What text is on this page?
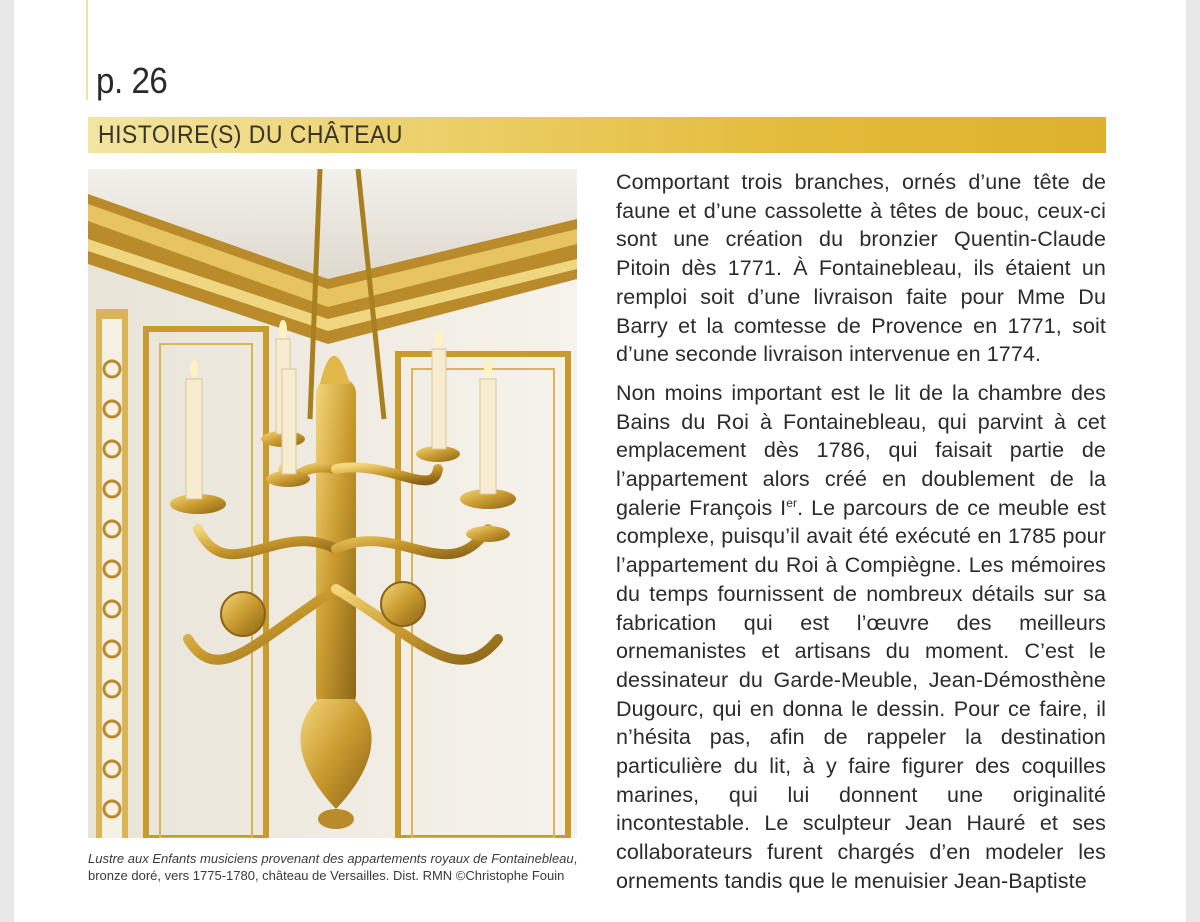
p. 26
HISTOIRE(S) DU CHÂTEAU
Lustre aux Enfants musiciens provenant des appartements royaux de Fontainebleau, bronze doré, vers 1775-1780, château de Versailles. Dist. RMN ©Christophe Fouin

Comportant trois branches, ornés d’une tête de faune et d’une cassolette à têtes de bouc, ceux-ci sont une création du bronzier Quentin-Claude Pitoin dès 1771. À Fontainebleau, ils étaient un remploi soit d’une livraison faite pour Mme Du Barry et la comtesse de Provence en 1771, soit d’une seconde livraison intervenue en 1774.

Non moins important est le lit de la chambre des Bains du Roi à Fontainebleau, qui parvint à cet emplacement dès 1786, qui faisait partie de l’appartement alors créé en doublement de la galerie François Ier. Le parcours de ce meuble est complexe, puisqu’il avait été exécuté en 1785 pour l’appartement du Roi à Compiègne. Les mémoires du temps fournissent de nombreux détails sur sa fabrication qui est l’œuvre des meilleurs ornemanistes et artisans du moment. C’est le dessinateur du Garde-Meuble, Jean-Démosthène Dugourc, qui en donna le dessin. Pour ce faire, il n’hésita pas, afin de rappeler la destination particulière du lit, à y faire figurer des coquilles marines, qui lui donnent une originalité incontestable. Le sculpteur Jean Hauré et ses collaborateurs furent chargés d’en modeler les ornements tandis que le menuisier Jean-Baptiste
